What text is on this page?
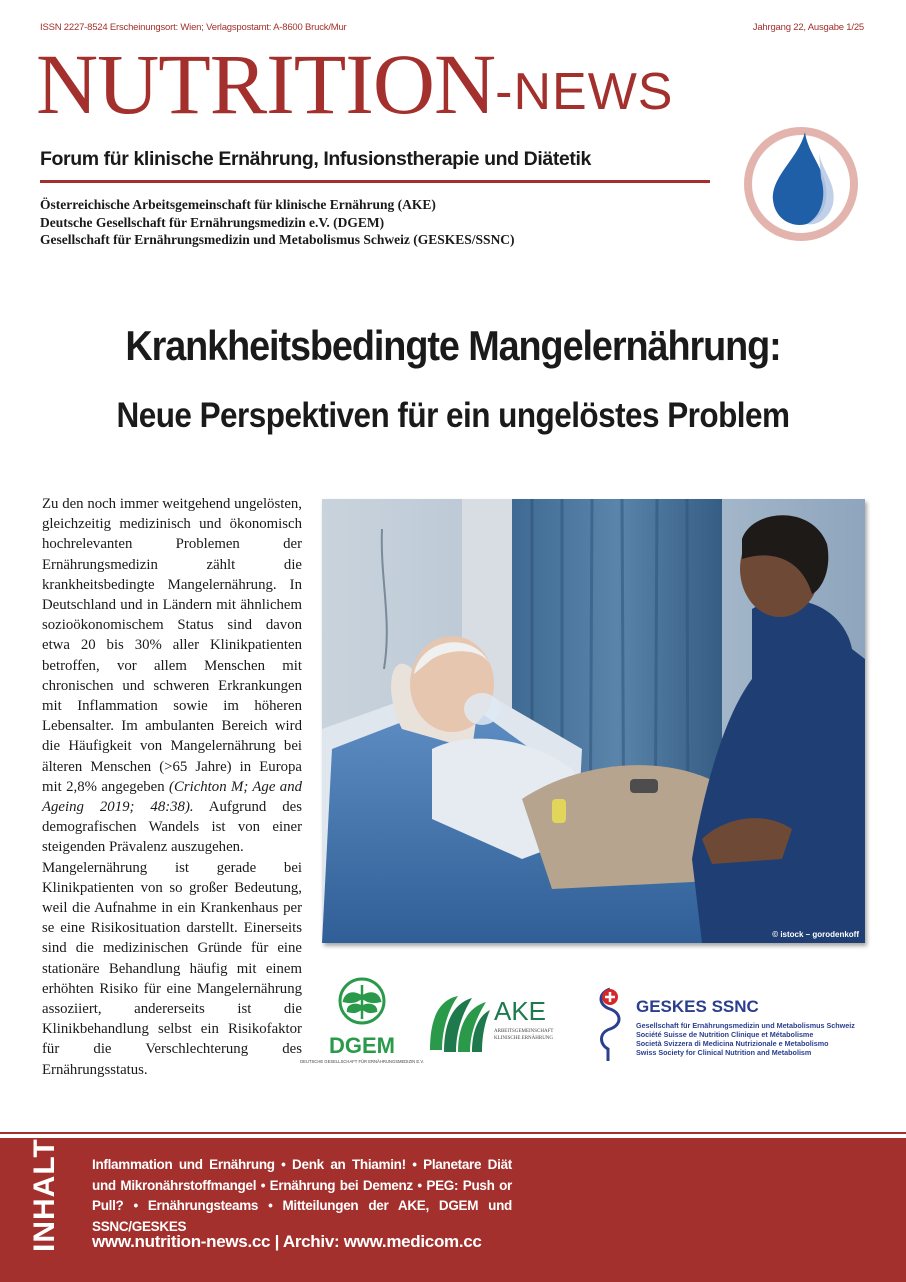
ISSN 2227-8524 Erscheinungsort: Wien; Verlagspostamt: A-8600 Bruck/Mur	Jahrgang 22, Ausgabe 1/25
NUTRITION-NEWS
Forum für klinische Ernährung, Infusionstherapie und Diätetik
Österreichische Arbeitsgemeinschaft für klinische Ernährung (AKE)
Deutsche Gesellschaft für Ernährungsmedizin e.V. (DGEM)
Gesellschaft für Ernährungsmedizin und Metabolismus Schweiz (GESKES/SSNC)
Krankheitsbedingte Mangelernährung:
Neue Perspektiven für ein ungelöstes Problem

Zu den noch immer weitgehend ungelösten, gleichzeitig medizinisch und ökonomisch hochrelevanten Problemen der Ernährungsmedizin zählt die krankheitsbedingte Mangelernährung. In Deutschland und in Ländern mit ähnlichem sozioökonomischem Status sind davon etwa 20 bis 30% aller Klinikpatienten betroffen, vor allem Menschen mit chronischen und schweren Erkrankungen mit Inflammation sowie im höheren Lebensalter. Im ambulanten Bereich wird die Häufigkeit von Mangelernährung bei älteren Menschen (>65 Jahre) in Europa mit 2,8% angegeben (Crichton M; Age and Ageing 2019; 48:38). Aufgrund des demografischen Wandels ist von einer steigenden Prävalenz auszugehen.

Mangelernährung ist gerade bei Klinikpatienten von so großer Bedeutung, weil die Aufnahme in ein Krankenhaus per se eine Risikosituation darstellt. Einerseits sind die medizinischen Gründe für eine stationäre Behandlung häufig mit einem erhöhten Risiko für eine Mangelernährung assoziiert, andererseits ist die Klinikbehandlung selbst ein Risikofaktor für die Verschlechterung des Ernährungsstatus.

© istock – gorodenkoff
DGEM
DEUTSCHE GESELLSCHAFT FÜR ERNÄHRUNGSMEDIZIN E.V.
AKE
ARBEITSGEMEINSCHAFT
KLINISCHE ERNÄHRUNG
GESKES SSNC
Gesellschaft für Ernährungsmedizin und Metabolismus Schweiz
Société Suisse de Nutrition Clinique et Métabolisme
Società Svizzera di Medicina Nutrizionale e Metabolismo
Swiss Society for Clinical Nutrition and Metabolism
INHALT Inflammation und Ernährung • Denk an Thiamin! • Planetare Diät und Mikronährstoffmangel • Ernährung bei Demenz • PEG: Push or Pull? • Ernährungsteams • Mitteilungen der AKE, DGEM und SSNC/GESKES
www.nutrition-news.cc | Archiv: www.medicom.cc
